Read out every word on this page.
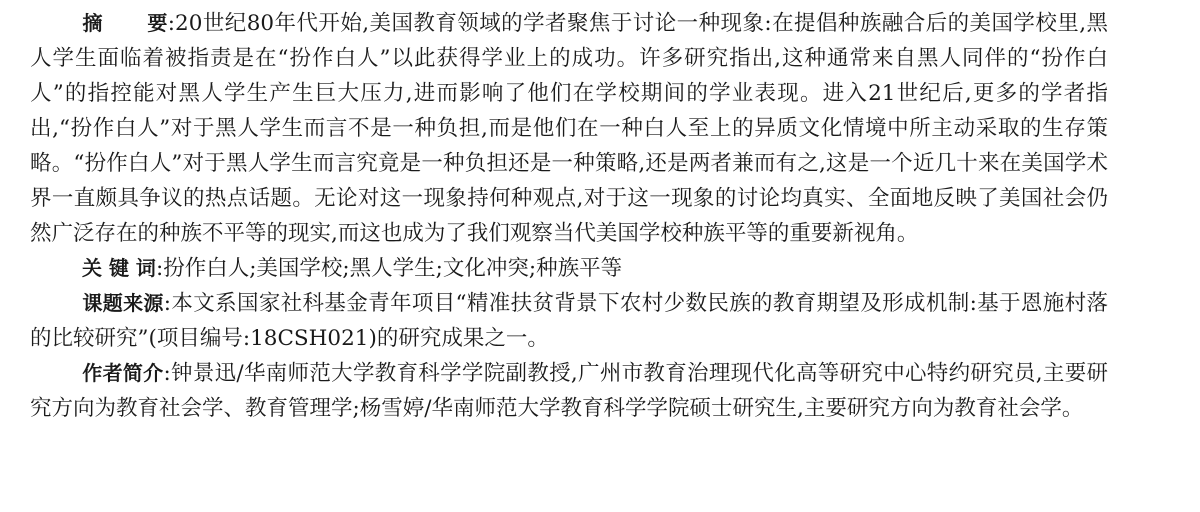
摘 要:20世纪80年代开始,美国教育领域的学者聚焦于讨论一种现象:在提倡种族融合后的美国学校里,黑人学生面临着被指责是在“扮作白人”以此获得学业上的成功。许多研究指出,这种通常来自黑人同伴的“扮作白人”的指控能对黑人学生产生巨大压力,进而影响了他们在学校期间的学业表现。进入21世纪后,更多的学者指出,“扮作白人”对于黑人学生而言不是一种负担,而是他们在一种白人至上的异质文化情境中所主动采取的生存策略。“扮作白人”对于黑人学生而言究竟是一种负担还是一种策略,还是两者兼而有之,这是一个近几十来在美国学术界一直颇具争议的热点话题。无论对这一现象持何种观点,对于这一现象的讨论均真实、全面地反映了美国社会仍然广泛存在的种族不平等的现实,而这也成为了我们观察当代美国学校种族平等的重要新视角。

关 键 词:扮作白人;美国学校;黑人学生;文化冲突;种族平等

课题来源:本文系国家社科基金青年项目“精准扶贫背景下农村少数民族的教育期望及形成机制:基于恩施村落的比较研究”(项目编号:18CSH021)的研究成果之一。

作者简介:钟景迅/华南师范大学教育科学学院副教授,广州市教育治理现代化高等研究中心特约研究员,主要研究方向为教育社会学、教育管理学;杨雪婷/华南师范大学教育科学学院硕士研究生,主要研究方向为教育社会学。
